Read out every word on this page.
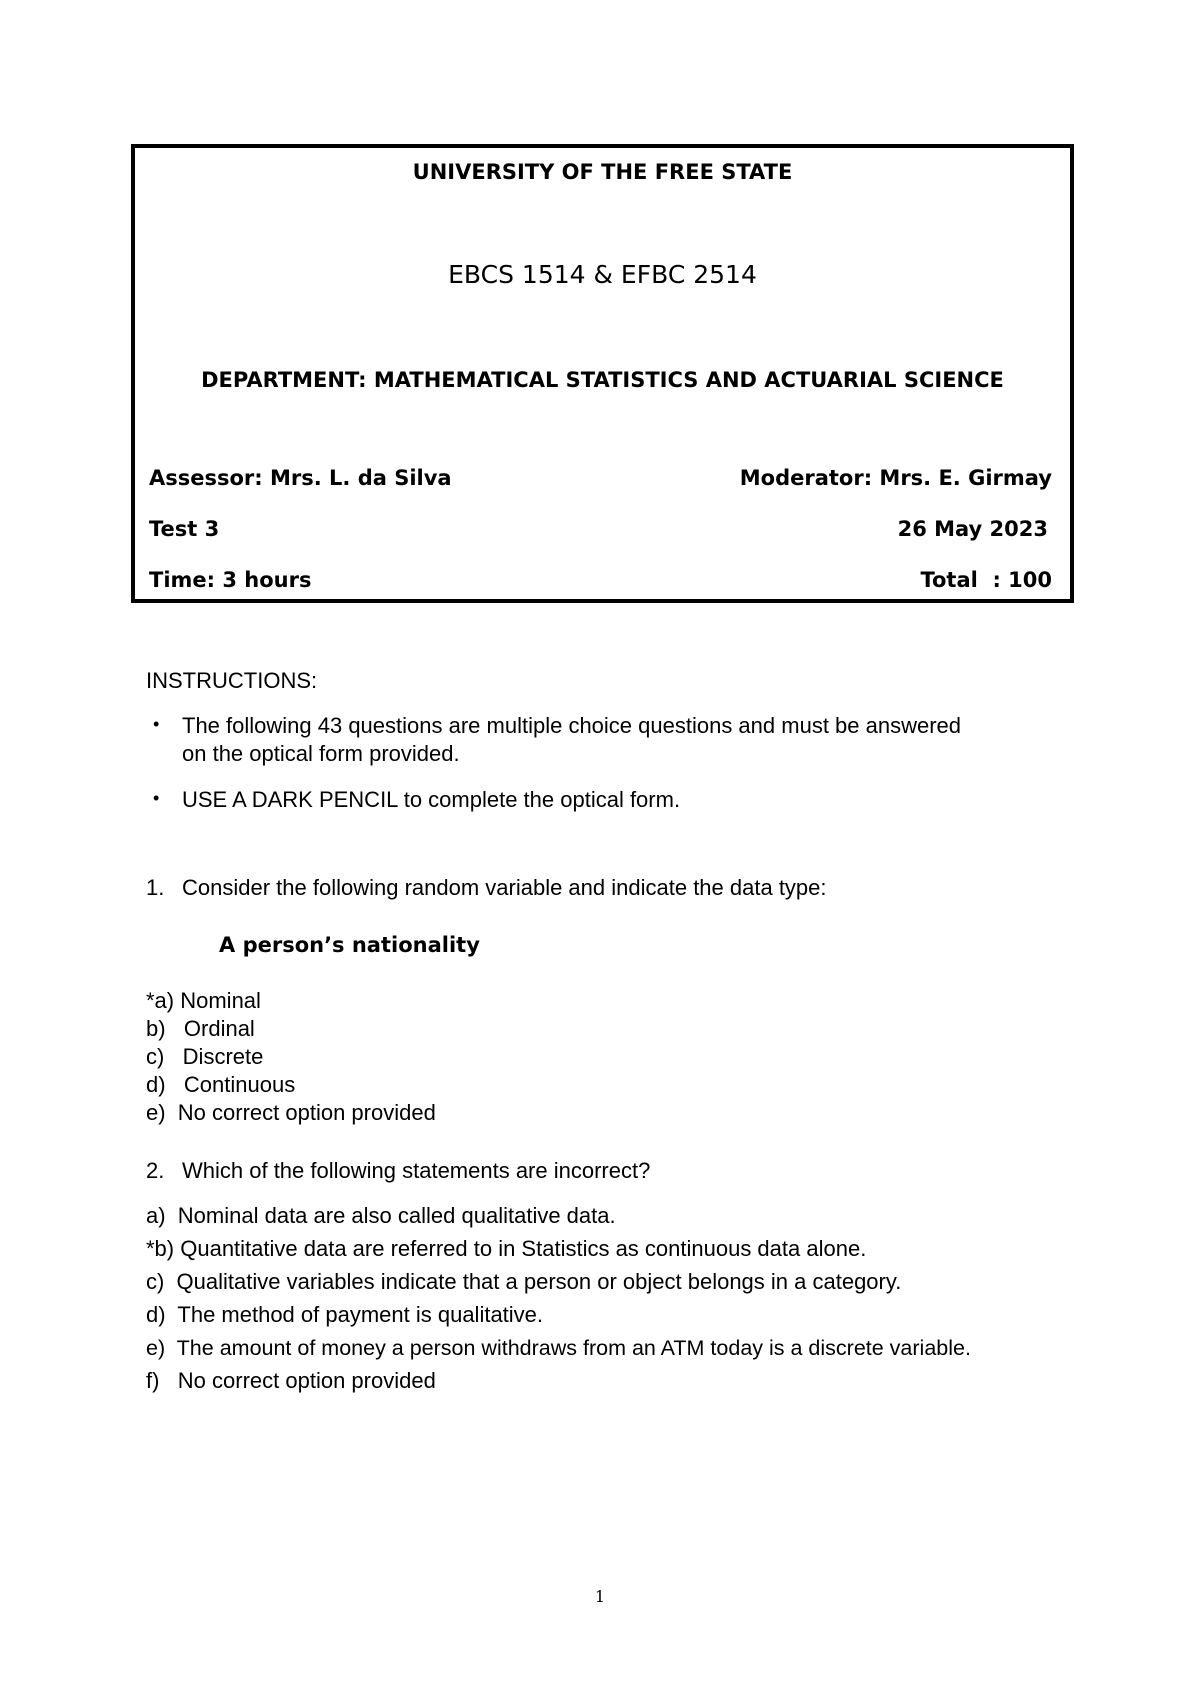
UNIVERSITY OF THE FREE STATE
EBCS 1514 & EFBC 2514
DEPARTMENT: MATHEMATICAL STATISTICS AND ACTUARIAL SCIENCE
Assessor: Mrs. L. da Silva	Moderator: Mrs. E. Girmay
Test 3	26 May 2023
Time: 3 hours	Total  : 100
INSTRUCTIONS:
• The following 43 questions are multiple choice questions and must be answered
on the optical form provided.
• USE A DARK PENCIL to complete the optical form.
1. Consider the following random variable and indicate the data type:
A person’s nationality
*a) Nominal
b)   Ordinal
c)   Discrete
d)   Continuous
e)  No correct option provided
2. Which of the following statements are incorrect?
a)  Nominal data are also called qualitative data.
*b) Quantitative data are referred to in Statistics as continuous data alone.
c)  Qualitative variables indicate that a person or object belongs in a category.
d)  The method of payment is qualitative.
e)  The amount of money a person withdraws from an ATM today is a discrete variable.
f)   No correct option provided
1
